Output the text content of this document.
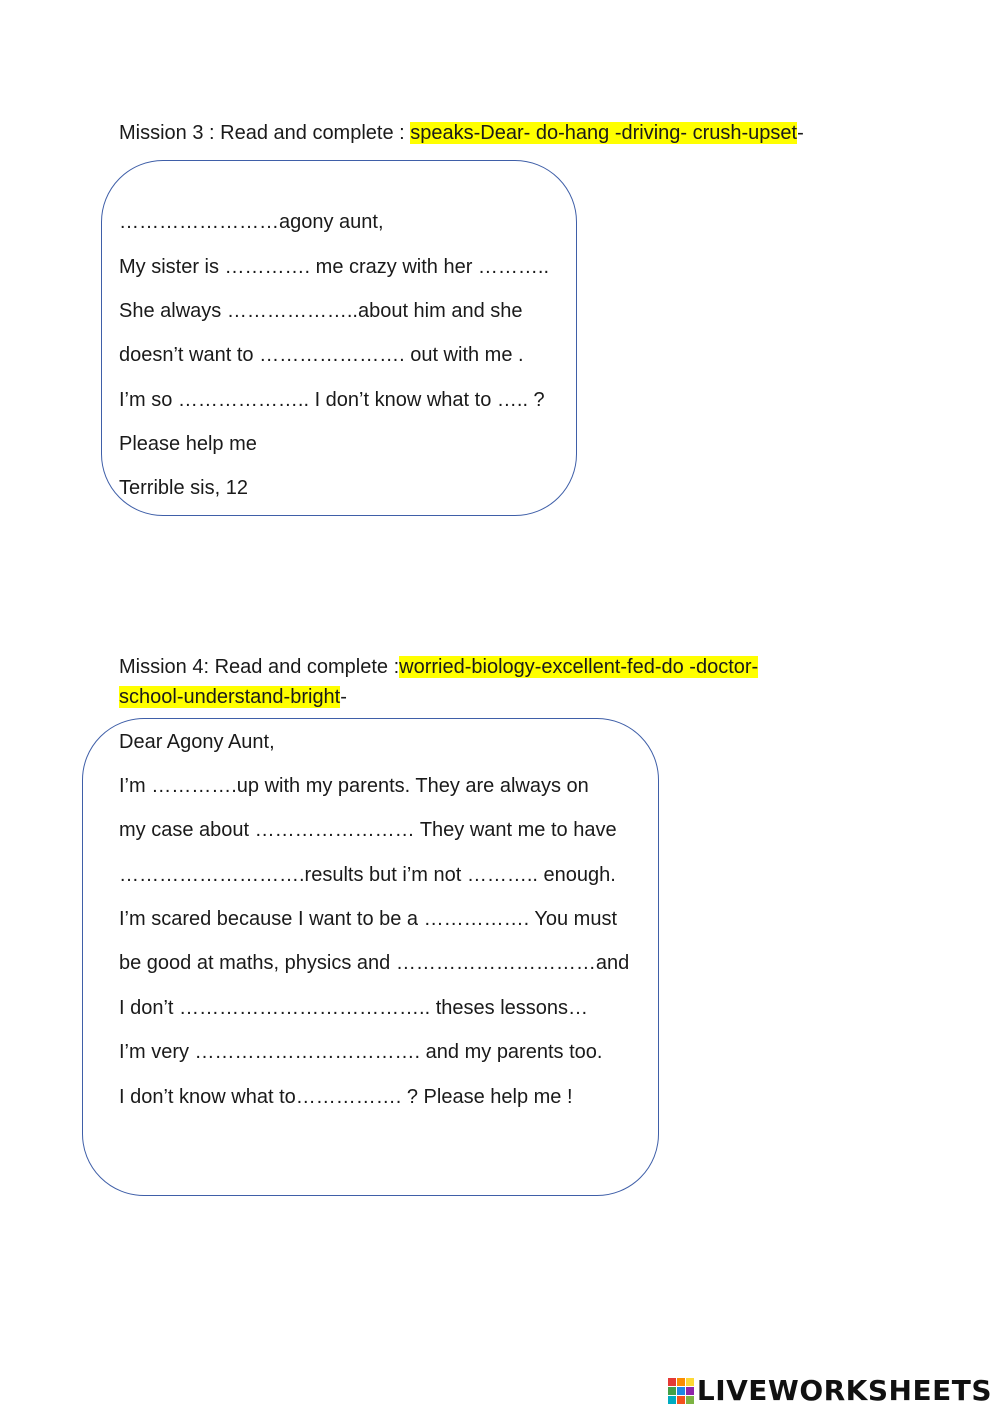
Mission 3 : Read and complete : speaks-Dear- do-hang -driving- crush-upset-
……………………agony aunt,
My sister is …………. me crazy with her ………..
She always ………………..about him and she
doesn’t want to …………………. out with me .
I’m so ……………….. I don’t know what to ….. ?
Please help me
Terrible sis, 12
Mission 4: Read and complete :worried-biology-excellent-fed-do -doctor-
school-understand-bright-
Dear Agony Aunt,
I’m ………….up with my parents. They are always on
my case about …………………… They want me to have
……………………….results but i’m not ……….. enough.
I’m scared because I want to be a ……………. You must
be good at maths, physics and …………………………and
I don’t ……………………………….. theses lessons…
I’m very ……………………………. and my parents too.
I don’t know what to……………. ? Please help me !
LIVEWORKSHEETS
